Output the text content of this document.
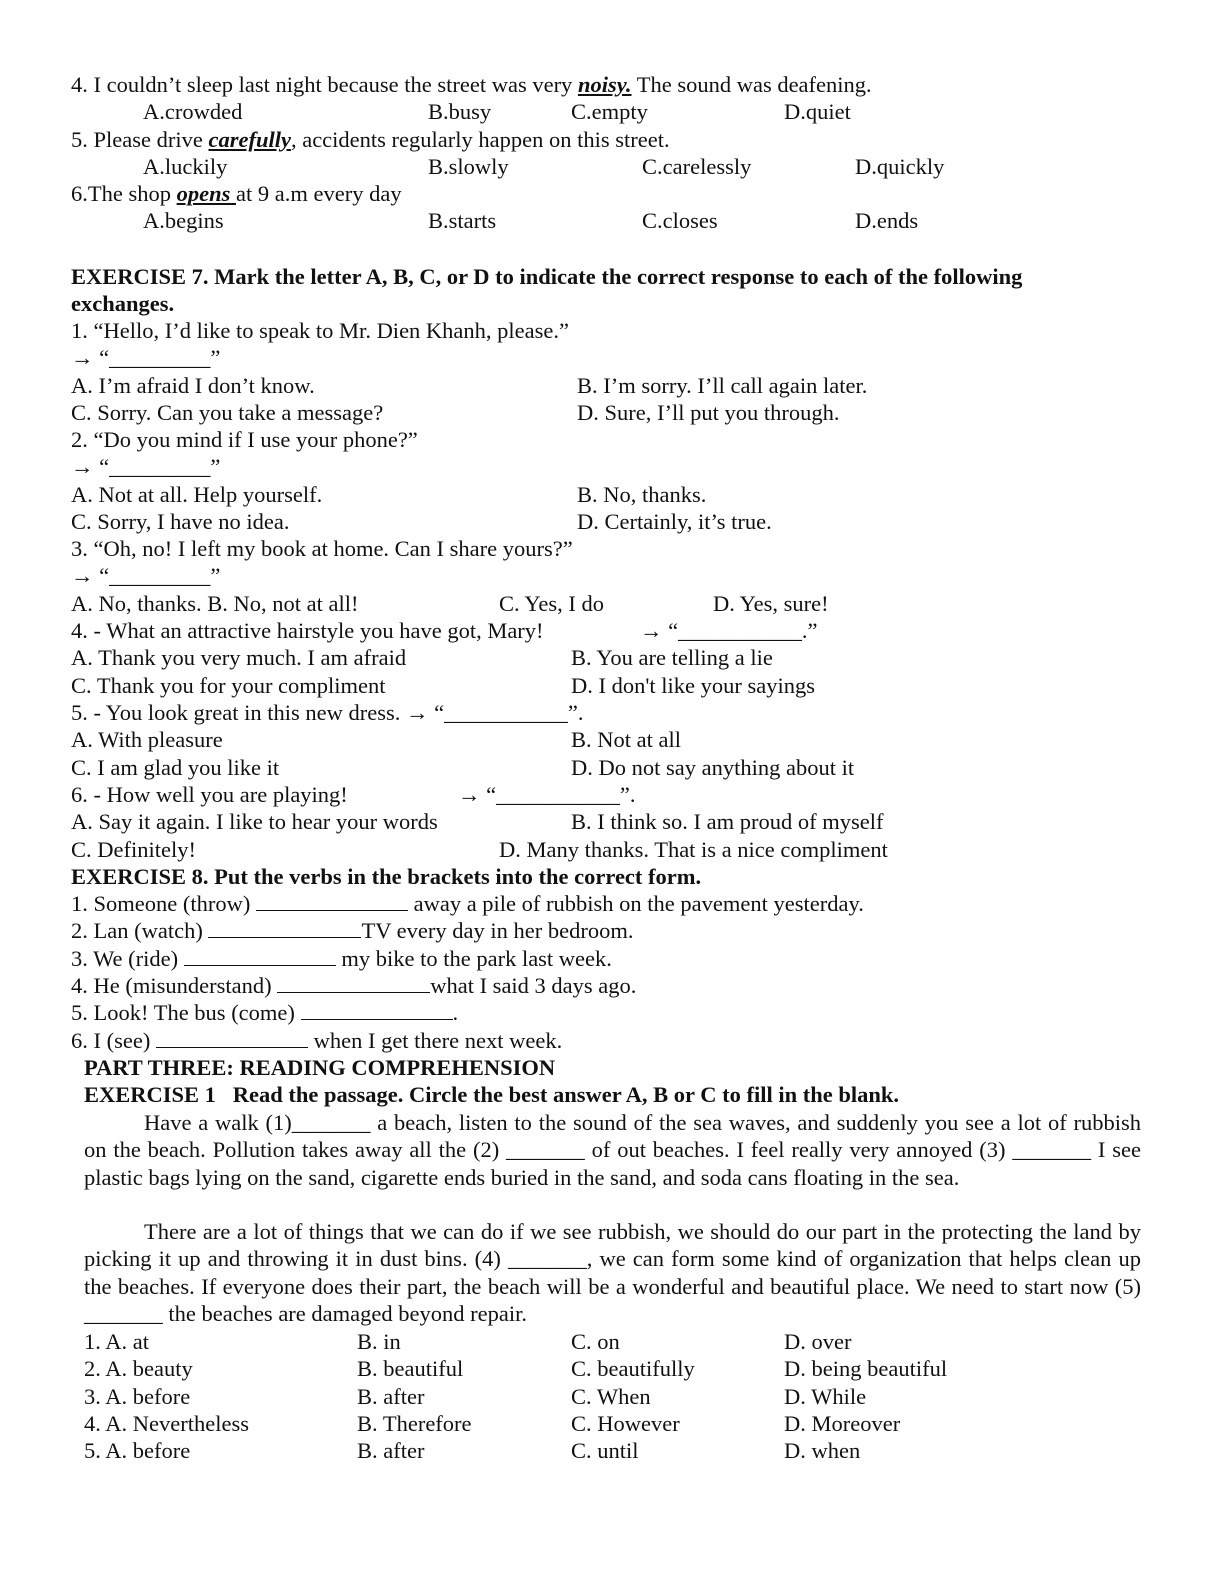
4. I couldn’t sleep last night because the street was very noisy. The sound was deafening.
A.crowded	B.busy	C.empty	D.quiet
5. Please drive carefully, accidents regularly happen on this street.
A.luckily	B.slowly	C.carelessly	D.quickly
6.The shop opens at 9 a.m every day
A.begins	B.starts	C.closes	D.ends
EXERCISE 7. Mark the letter A, B, C, or D to indicate the correct response to each of the following
exchanges.
1. “Hello, I’d like to speak to Mr. Dien Khanh, please.”
→ “_________”
A. I’m afraid I don’t know.	B. I’m sorry. I’ll call again later.
C. Sorry. Can you take a message?	D. Sure, I’ll put you through.
2. “Do you mind if I use your phone?”
→ “_________”
A. Not at all. Help yourself.	B. No, thanks.
C. Sorry, I have no idea.	D. Certainly, it’s true.
3. “Oh, no! I left my book at home. Can I share yours?”
→ “_________”
A. No, thanks. B. No, not at all!	C. Yes, I do	D. Yes, sure!
4. - What an attractive hairstyle you have got, Mary!	→ “___________.”
A. Thank you very much. I am afraid	B. You are telling a lie
C. Thank you for your compliment	D. I don't like your sayings
5. - You look great in this new dress. → “___________”.
A. With pleasure	B. Not at all
C. I am glad you like it	D. Do not say anything about it
6. - How well you are playing!	→ “___________”.
A. Say it again. I like to hear your words	B. I think so. I am proud of myself
C. Definitely!	D. Many thanks. That is a nice compliment
EXERCISE 8. Put the verbs in the brackets into the correct form.
1. Someone (throw)	away a pile of rubbish on the pavement yesterday.
2. Lan (watch)	TV every day in her bedroom.
3. We (ride)	my bike to the park last week.
4. He (misunderstand)	what I said 3 days ago.
5. Look! The bus (come)	.
6. I (see)	when I get there next week.
PART THREE: READING COMPREHENSION
EXERCISE 1   Read the passage. Circle the best answer A, B or C to fill in the blank.
Have a walk (1)_______ a beach, listen to the sound of the sea waves, and suddenly you see a lot of rubbish on the beach. Pollution takes away all the (2) _______ of out beaches. I feel really very annoyed (3) _______ I see plastic bags lying on the sand, cigarette ends buried in the sand, and soda cans floating in the sea.
There are a lot of things that we can do if we see rubbish, we should do our part in the protecting the land by picking it up and throwing it in dust bins. (4) _______, we can form some kind of organization that helps clean up the beaches. If everyone does their part, the beach will be a wonderful and beautiful place. We need to start now (5) _______ the beaches are damaged beyond repair.
1. A. at	B. in	C. on	D. over
2. A. beauty	B. beautiful	C. beautifully	D. being beautiful
3. A. before	B. after	C. When	D. While
4. A. Nevertheless	B. Therefore	C. However	D. Moreover
5. A. before	B. after	C. until	D. when
